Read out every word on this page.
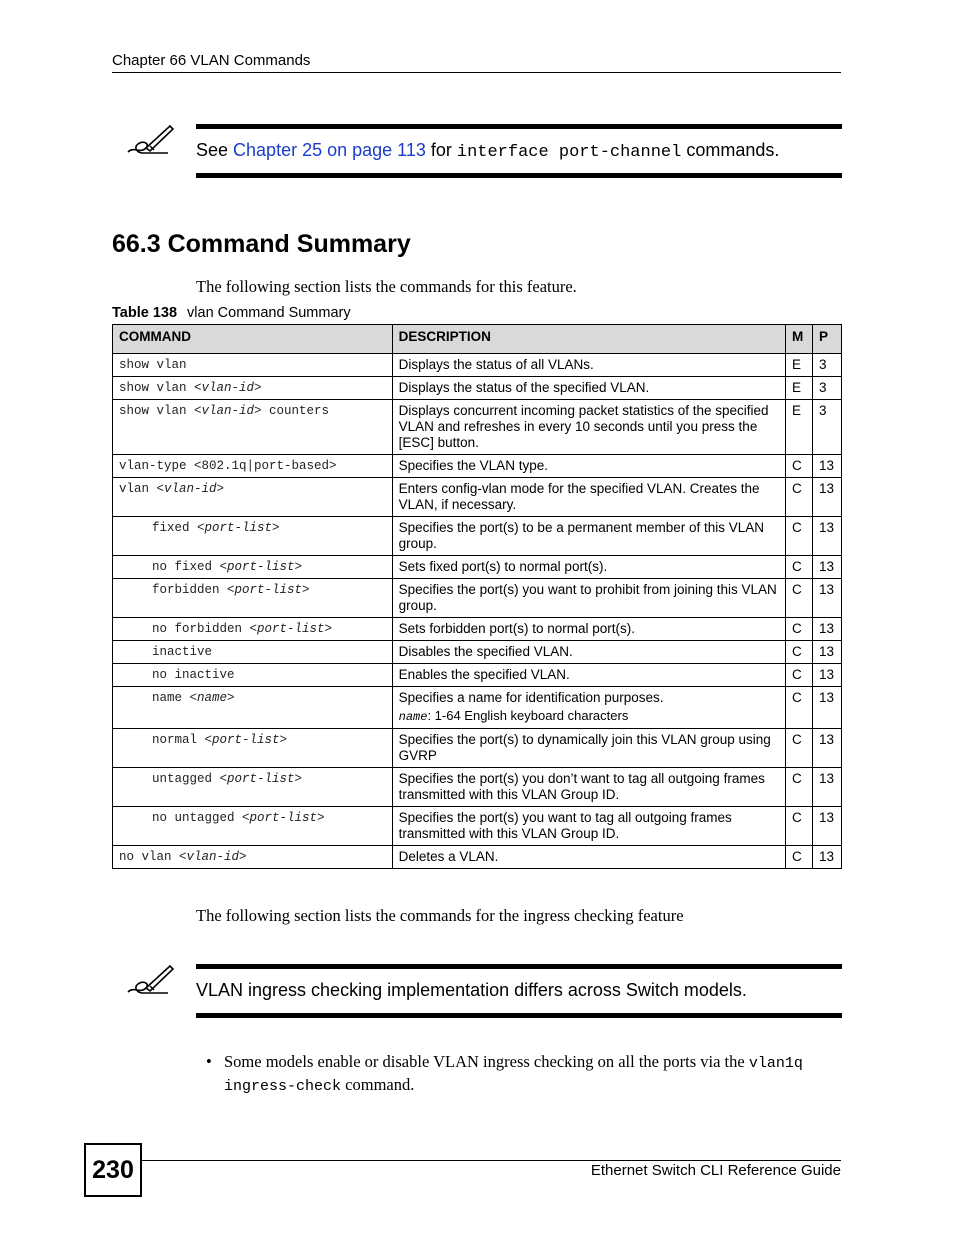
Chapter 66 VLAN Commands
See Chapter 25 on page 113 for interface port-channel commands.
66.3 Command Summary
The following section lists the commands for this feature.
Table 138 vlan Command Summary
COMMAND	DESCRIPTION	M	P
show vlan	Displays the status of all VLANs.	E	3
show vlan <vlan-id>	Displays the status of the specified VLAN.	E	3
show vlan <vlan-id> counters	Displays concurrent incoming packet statistics of the specified VLAN and refreshes in every 10 seconds until you press the [ESC] button.	E	3
vlan-type <802.1q|port-based>	Specifies the VLAN type.	C	13
vlan <vlan-id>	Enters config-vlan mode for the specified VLAN. Creates the VLAN, if necessary.	C	13
fixed <port-list>	Specifies the port(s) to be a permanent member of this VLAN group.	C	13
no fixed <port-list>	Sets fixed port(s) to normal port(s).	C	13
forbidden <port-list>	Specifies the port(s) you want to prohibit from joining this VLAN group.	C	13
no forbidden <port-list>	Sets forbidden port(s) to normal port(s).	C	13
inactive	Disables the specified VLAN.	C	13
no inactive	Enables the specified VLAN.	C	13
name <name>	Specifies a name for identification purposes.
name: 1-64 English keyboard characters	C	13
normal <port-list>	Specifies the port(s) to dynamically join this VLAN group using GVRP	C	13
untagged <port-list>	Specifies the port(s) you don’t want to tag all outgoing frames transmitted with this VLAN Group ID.	C	13
no untagged <port-list>	Specifies the port(s) you want to tag all outgoing frames transmitted with this VLAN Group ID.	C	13
no vlan <vlan-id>	Deletes a VLAN.	C	13
The following section lists the commands for the ingress checking feature
VLAN ingress checking implementation differs across Switch models.
• Some models enable or disable VLAN ingress checking on all the ports via the vlan1q ingress-check command.
230	Ethernet Switch CLI Reference Guide
